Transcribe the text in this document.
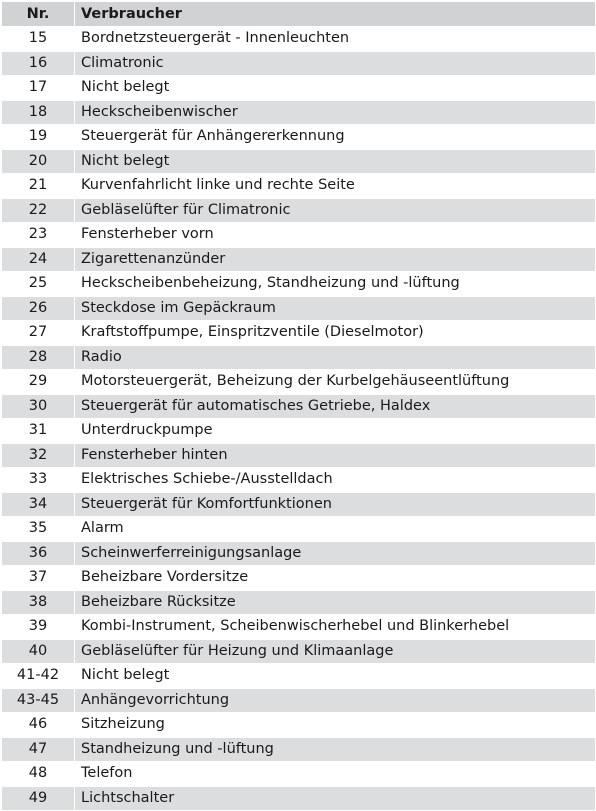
Nr.	Verbraucher
15	Bordnetzsteuergerät - Innenleuchten
16	Climatronic
17	Nicht belegt
18	Heckscheibenwischer
19	Steuergerät für Anhängererkennung
20	Nicht belegt
21	Kurvenfahrlicht linke und rechte Seite
22	Gebläselüfter für Climatronic
23	Fensterheber vorn
24	Zigarettenanzünder
25	Heckscheibenbeheizung, Standheizung und -lüftung
26	Steckdose im Gepäckraum
27	Kraftstoffpumpe, Einspritzventile (Dieselmotor)
28	Radio
29	Motorsteuergerät, Beheizung der Kurbelgehäuseentlüftung
30	Steuergerät für automatisches Getriebe, Haldex
31	Unterdruckpumpe
32	Fensterheber hinten
33	Elektrisches Schiebe-/Ausstelldach
34	Steuergerät für Komfortfunktionen
35	Alarm
36	Scheinwerferreinigungsanlage
37	Beheizbare Vordersitze
38	Beheizbare Rücksitze
39	Kombi-Instrument, Scheibenwischerhebel und Blinkerhebel
40	Gebläselüfter für Heizung und Klimaanlage
41-42	Nicht belegt
43-45	Anhängevorrichtung
46	Sitzheizung
47	Standheizung und -lüftung
48	Telefon
49	Lichtschalter
